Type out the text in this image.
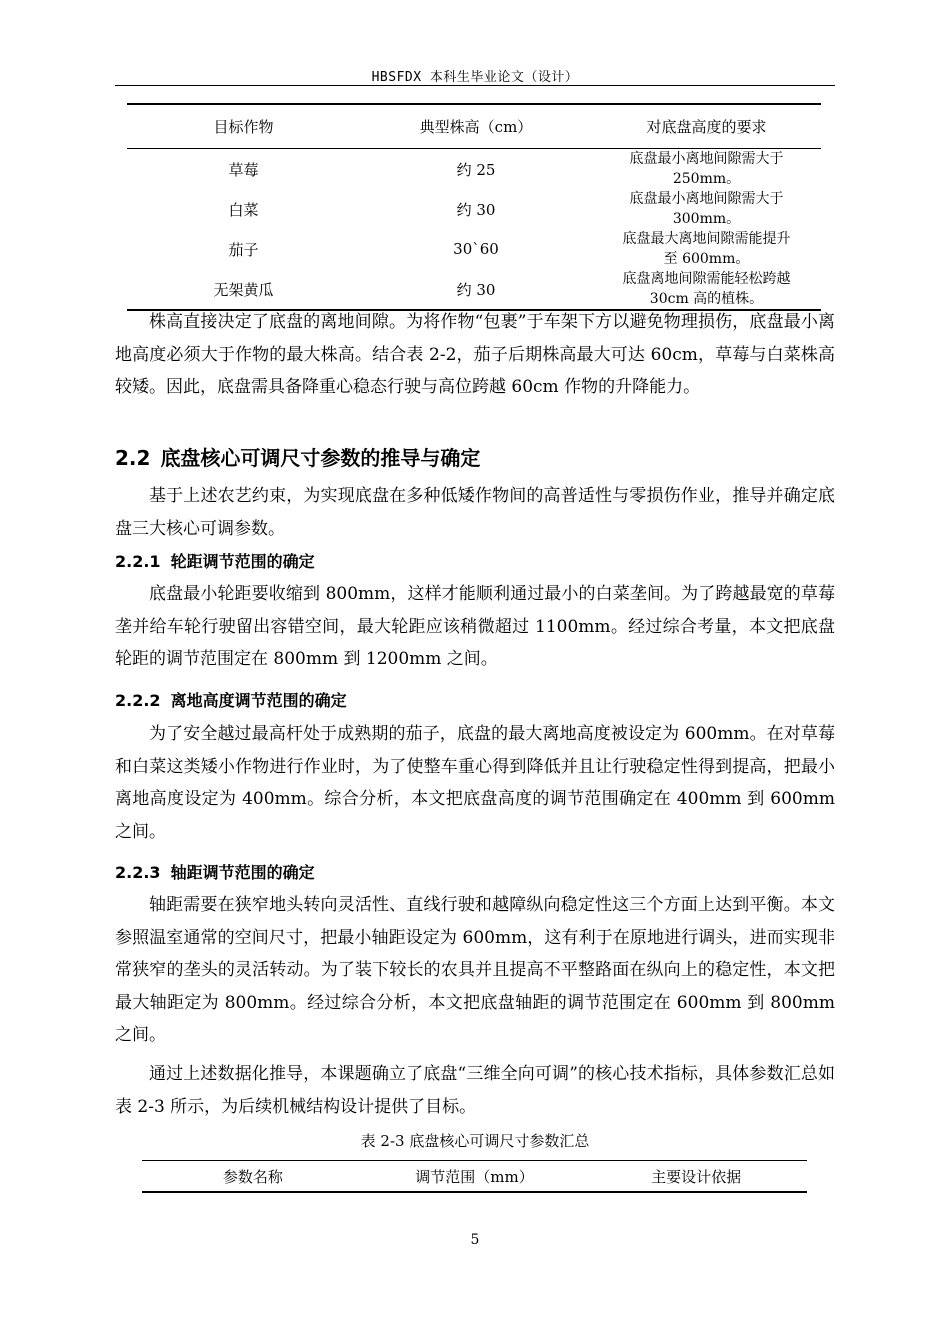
HBSFDX 本科生毕业论文（设计）
目标作物	典型株高（cm）	对底盘高度的要求
草莓	约 25	底盘最小离地间隙需大于
250mm。
白菜	约 30	底盘最小离地间隙需大于
300mm。
茄子	30`60	底盘最大离地间隙需能提升
至 600mm。
无架黄瓜	约 30	底盘离地间隙需能轻松跨越
30cm 高的植株。

株高直接决定了底盘的离地间隙。为将作物“包裹”于车架下方以避免物理损伤，底盘最小离地高度必须大于作物的最大株高。结合表 2-2，茄子后期株高最大可达 60cm，草莓与白菜株高较矮。因此，底盘需具备降重心稳态行驶与高位跨越 60cm 作物的升降能力。

2.2 底盘核心可调尺寸参数的推导与确定

基于上述农艺约束，为实现底盘在多种低矮作物间的高普适性与零损伤作业，推导并确定底盘三大核心可调参数。

2.2.1 轮距调节范围的确定

底盘最小轮距要收缩到 800mm，这样才能顺利通过最小的白菜垄间。为了跨越最宽的草莓垄并给车轮行驶留出容错空间，最大轮距应该稍微超过 1100mm。经过综合考量，本文把底盘轮距的调节范围定在 800mm 到 1200mm 之间。

2.2.2 离地高度调节范围的确定

为了安全越过最高杆处于成熟期的茄子，底盘的最大离地高度被设定为 600mm。在对草莓和白菜这类矮小作物进行作业时，为了使整车重心得到降低并且让行驶稳定性得到提高，把最小离地高度设定为 400mm。综合分析，本文把底盘高度的调节范围确定在 400mm 到 600mm 之间。

2.2.3 轴距调节范围的确定

轴距需要在狭窄地头转向灵活性、直线行驶和越障纵向稳定性这三个方面上达到平衡。本文参照温室通常的空间尺寸，把最小轴距设定为 600mm，这有利于在原地进行调头，进而实现非常狭窄的垄头的灵活转动。为了装下较长的农具并且提高不平整路面在纵向上的稳定性，本文把最大轴距定为 800mm。经过综合分析，本文把底盘轴距的调节范围定在 600mm 到 800mm 之间。

通过上述数据化推导，本课题确立了底盘“三维全向可调”的核心技术指标，具体参数汇总如表 2-3 所示，为后续机械结构设计提供了目标。

表 2-3 底盘核心可调尺寸参数汇总

参数名称	调节范围（mm）	主要设计依据
5
